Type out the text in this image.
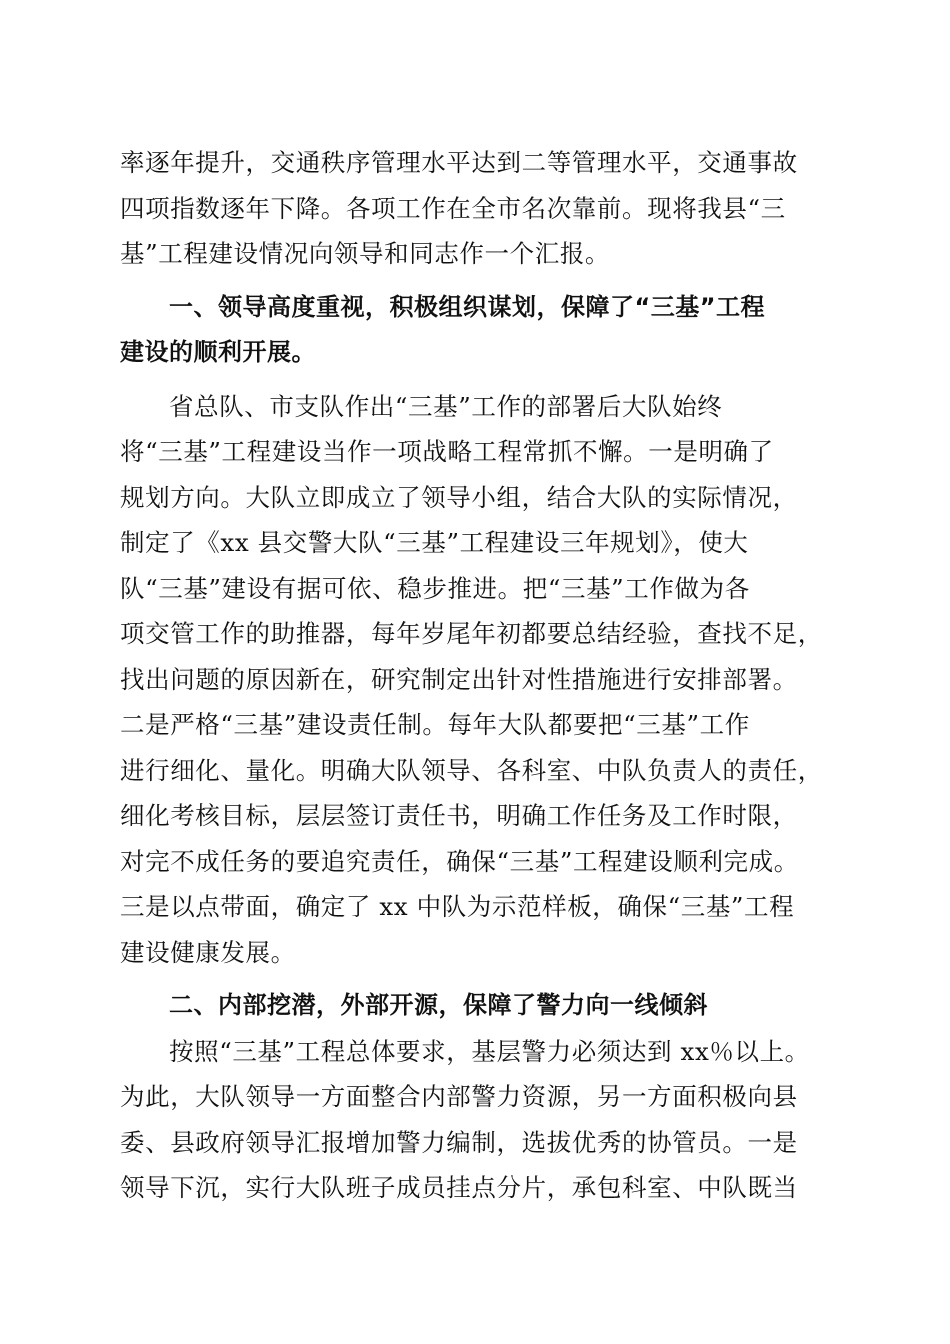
率逐年提升，交通秩序管理水平达到二等管理水平，交通事故
四项指数逐年下降。各项工作在全市名次靠前。现将我县“三
基”工程建设情况向领导和同志作一个汇报。
一、领导高度重视，积极组织谋划，保障了“三基”工程
建设的顺利开展。
省总队、市支队作出“三基”工作的部署后大队始终
将“三基”工程建设当作一项战略工程常抓不懈。一是明确了
规划方向。大队立即成立了领导小组，结合大队的实际情况，
制定了《xx 县交警大队“三基”工程建设三年规划》，使大
队“三基”建设有据可依、稳步推进。把“三基”工作做为各
项交管工作的助推器，每年岁尾年初都要总结经验，查找不足，
找出问题的原因新在，研究制定出针对性措施进行安排部署。
二是严格“三基”建设责任制。每年大队都要把“三基”工作
进行细化、量化。明确大队领导、各科室、中队负责人的责任，
细化考核目标，层层签订责任书，明确工作任务及工作时限，
对完不成任务的要追究责任，确保“三基”工程建设顺利完成。
三是以点带面，确定了 xx 中队为示范样板，确保“三基”工程
建设健康发展。
二、内部挖潜，外部开源，保障了警力向一线倾斜
按照“三基”工程总体要求，基层警力必须达到 xx％以上。
为此，大队领导一方面整合内部警力资源，另一方面积极向县
委、县政府领导汇报增加警力编制，选拔优秀的协管员。一是
领导下沉，实行大队班子成员挂点分片，承包科室、中队既当
